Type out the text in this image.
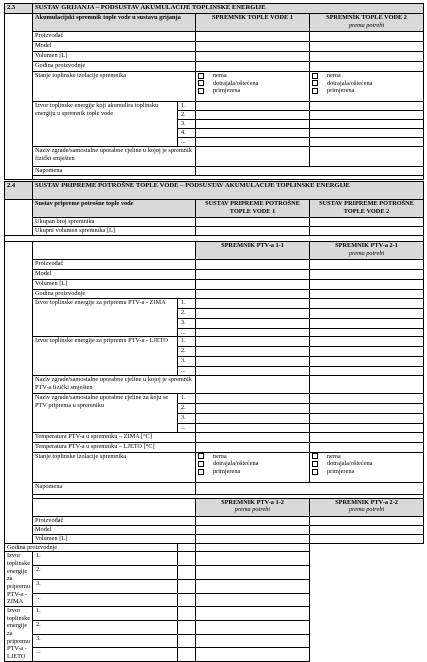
2.3	SUSTAV GRIJANJA – PODSUSTAV AKUMULACIJE TOPLINSKE ENERGIJE			
	Akumulacijski spremnik tople vode u sustavu grijanja		SPREMNIK TOPLE VODE 1	SPREMNIK TOPLE VODE 2
prema potrebi

	Proizvođač			
	Model			
	Volumen [L]			
	Godina proizvodnje			
	Stanje toplinske izolacije spremnika		nema
dotrajala/oštećena
primjerena	nema
dotrajala/oštećena
primjerena

	Izvor toplinske energije koji akumulira toplinsku energiju u spremnik tople vode	1.		
		2.		
		3.		
		4.		
		...		
	Naziv zgrade/samostalne uporabne cjeline u kojoj je spremnik fizički smješten			
	Napomena			

2.4	SUSTAV PRIPREME POTROŠNE TOPLE VODE – PODSUSTAV AKUMULACIJE TOPLINSKE ENERGIJE			
	Sustav pripreme potrošne tople vode		SUSTAV PRIPREME POTROŠNE TOPLE VODE 1	SUSTAV PRIPREME POTROŠNE TOPLE VODE 2
	Ukupan broj spremnika			
	Ukupni volumen spremnika [L]			

			SPREMNIK PTV-a 1-1	SPREMNIK PTV-a 2-1
prema potrebi

	Proizvođač			
	Model			
	Volumen [L]			
	Godina proizvodnje			
	Izvor toplinske energije za pripremu PTV-a - ZIMA	1.		
		2.		
		3.		
		...		
	Izvor toplinske energije za pripremu PTV-a - LJETO	1.		
		2.		
		3.		
		...		
	Naziv zgrade/samostalne uporabne cjeline u kojoj je spremnik PTV-a fizički smješten			
	Naziv zgrade/samostalne uporabne cjeline za koju se PTV priprema u spremniku	1.		
		2.		
		3.		
		...		
	Temperatura PTV-a u spremniku – ZIMA [°C]			
	Temperatura PTV-a u spremniku – LJETO [°C]			
	Stanje toplinske izolacije spremnika		nema
dotrajala/oštećena
primjerena	nema
dotrajala/oštećena
primjerena

	Napomena			

			SPREMNIK PTV-a 1-2
prema potrebi	SPREMNIK PTV-a 2-2
prema potrebi

	Proizvođač			
	Model			
	Volumen [L]			
Godina proizvodnje				
Izvor toplinske energije za pripremu PTV-a - ZIMA	1.			
	2.			
	3.			
	...			
Izvor toplinske energije za pripremu PTV-a - LJETO	1.			
	2.			
	3.			
	...			
